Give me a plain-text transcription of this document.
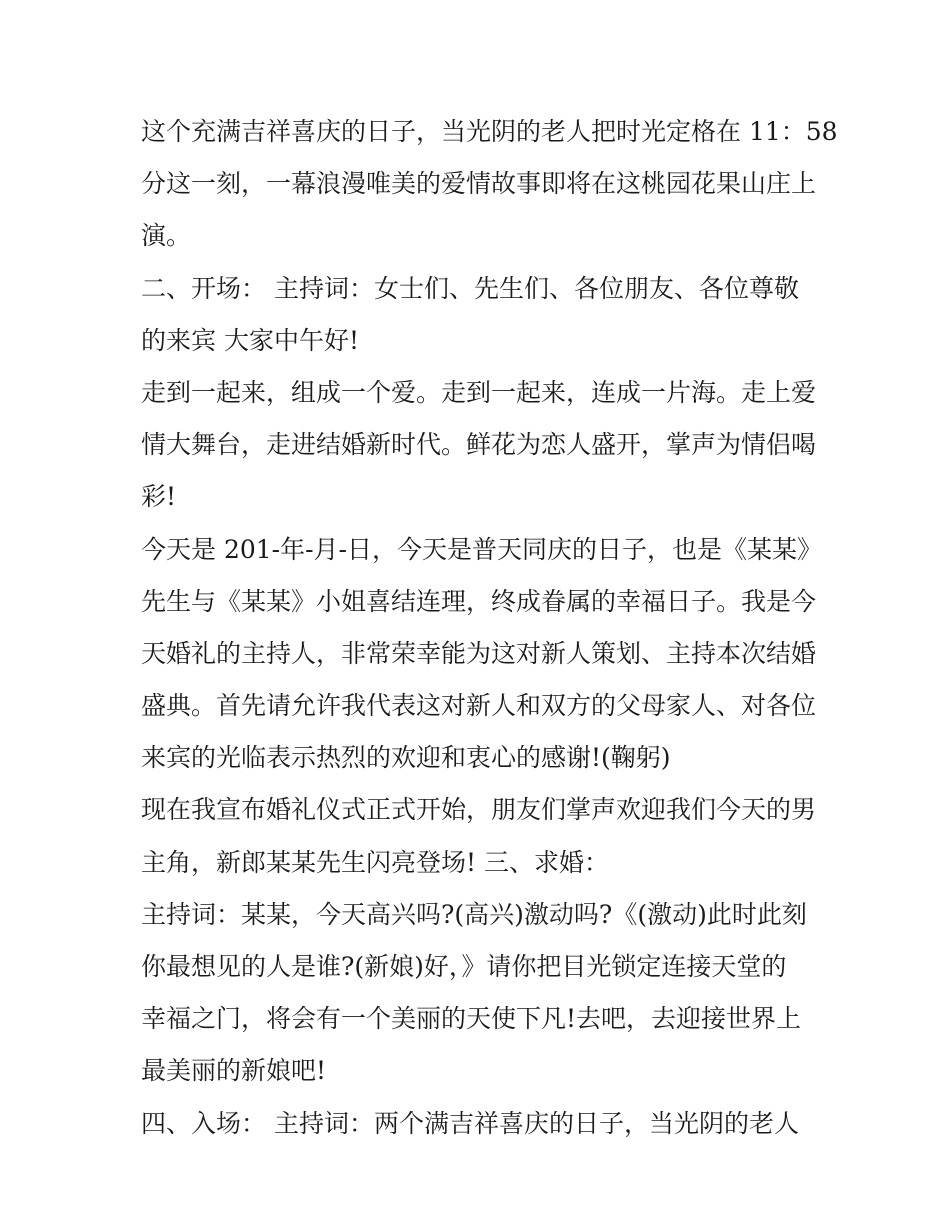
这个充满吉祥喜庆的日子，当光阴的老人把时光定格在 11：58
分这一刻，一幕浪漫唯美的爱情故事即将在这桃园花果山庄上
演。
二、开场： 主持词：女士们、先生们、各位朋友、各位尊敬
的来宾 大家中午好!
走到一起来，组成一个爱。走到一起来，连成一片海。走上爱
情大舞台，走进结婚新时代。鲜花为恋人盛开，掌声为情侣喝
彩!
今天是 201-年-月-日，今天是普天同庆的日子，也是《某某》
先生与《某某》小姐喜结连理，终成眷属的幸福日子。我是今
天婚礼的主持人，非常荣幸能为这对新人策划、主持本次结婚
盛典。首先请允许我代表这对新人和双方的父母家人、对各位
来宾的光临表示热烈的欢迎和衷心的感谢!(鞠躬)
现在我宣布婚礼仪式正式开始，朋友们掌声欢迎我们今天的男
主角，新郎某某先生闪亮登场! 三、求婚：
主持词：某某，今天高兴吗?(高兴)激动吗?《(激动)此时此刻
你最想见的人是谁?(新娘)好，》请你把目光锁定连接天堂的
幸福之门，将会有一个美丽的天使下凡!去吧，去迎接世界上
最美丽的新娘吧!
四、入场： 主持词：两个满吉祥喜庆的日子，当光阴的老人
